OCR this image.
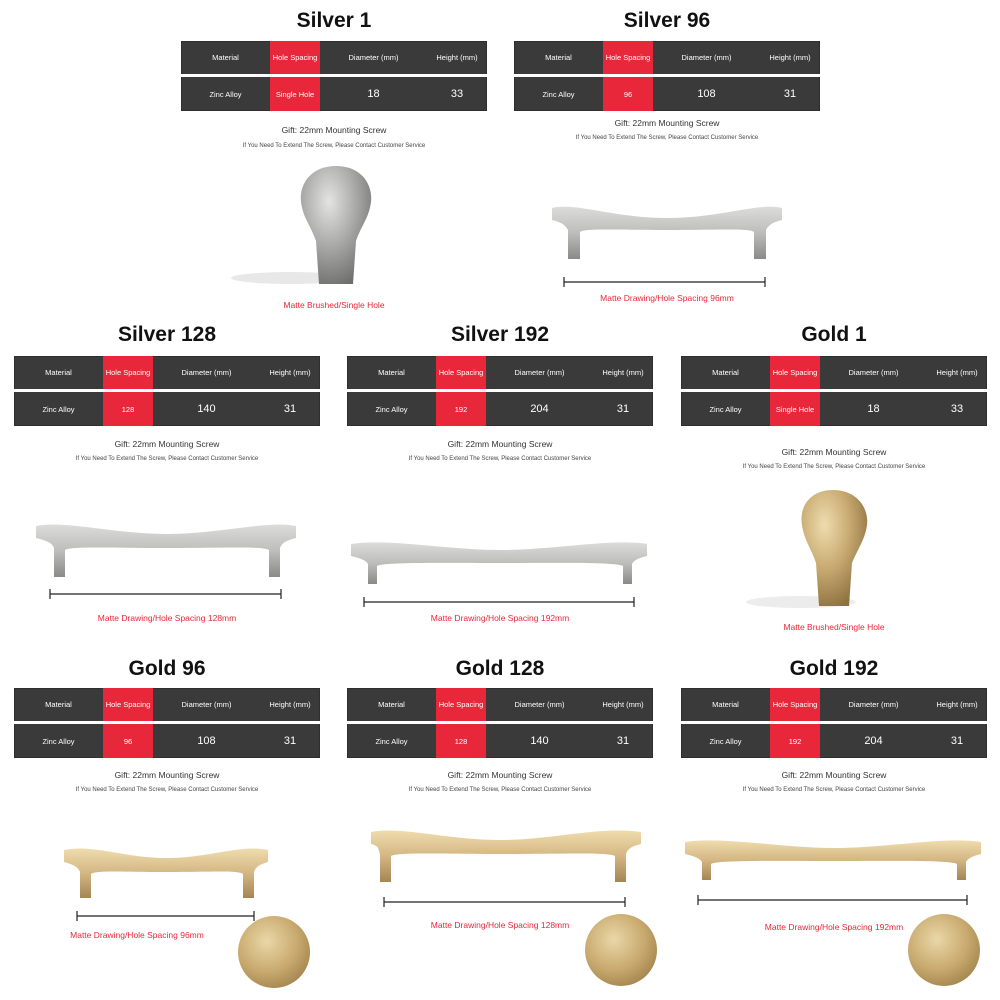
Silver 1
Material	Hole Spacing	Diameter (mm)	Height (mm)
Zinc Alloy	Single Hole	18	33
Gift: 22mm Mounting Screw
If You Need To Extend The Screw, Please Contact Customer Service
Matte Brushed/Single Hole
Silver 96
Material	Hole Spacing	Diameter (mm)	Height (mm)
Zinc Alloy	96	108	31
Gift: 22mm Mounting Screw
If You Need To Extend The Screw, Please Contact Customer Service
Matte Drawing/Hole Spacing 96mm
Silver 128
Material	Hole Spacing	Diameter (mm)	Height (mm)
Zinc Alloy	128	140	31
Gift: 22mm Mounting Screw
If You Need To Extend The Screw, Please Contact Customer Service
Matte Drawing/Hole Spacing 128mm
Silver 192
Material	Hole Spacing	Diameter (mm)	Height (mm)
Zinc Alloy	192	204	31
Gift: 22mm Mounting Screw
If You Need To Extend The Screw, Please Contact Customer Service
Matte Drawing/Hole Spacing 192mm
Gold 1
Material	Hole Spacing	Diameter (mm)	Height (mm)
Zinc Alloy	Single Hole	18	33
Gift: 22mm Mounting Screw
If You Need To Extend The Screw, Please Contact Customer Service
Matte Brushed/Single Hole
Gold 96
Material	Hole Spacing	Diameter (mm)	Height (mm)
Zinc Alloy	96	108	31
Gift: 22mm Mounting Screw
If You Need To Extend The Screw, Please Contact Customer Service
Matte Drawing/Hole Spacing 96mm
Gold 128
Material	Hole Spacing	Diameter (mm)	Height (mm)
Zinc Alloy	128	140	31
Gift: 22mm Mounting Screw
If You Need To Extend The Screw, Please Contact Customer Service
Matte Drawing/Hole Spacing 128mm
Gold 192
Material	Hole Spacing	Diameter (mm)	Height (mm)
Zinc Alloy	192	204	31
Gift: 22mm Mounting Screw
If You Need To Extend The Screw, Please Contact Customer Service
Matte Drawing/Hole Spacing 192mm
